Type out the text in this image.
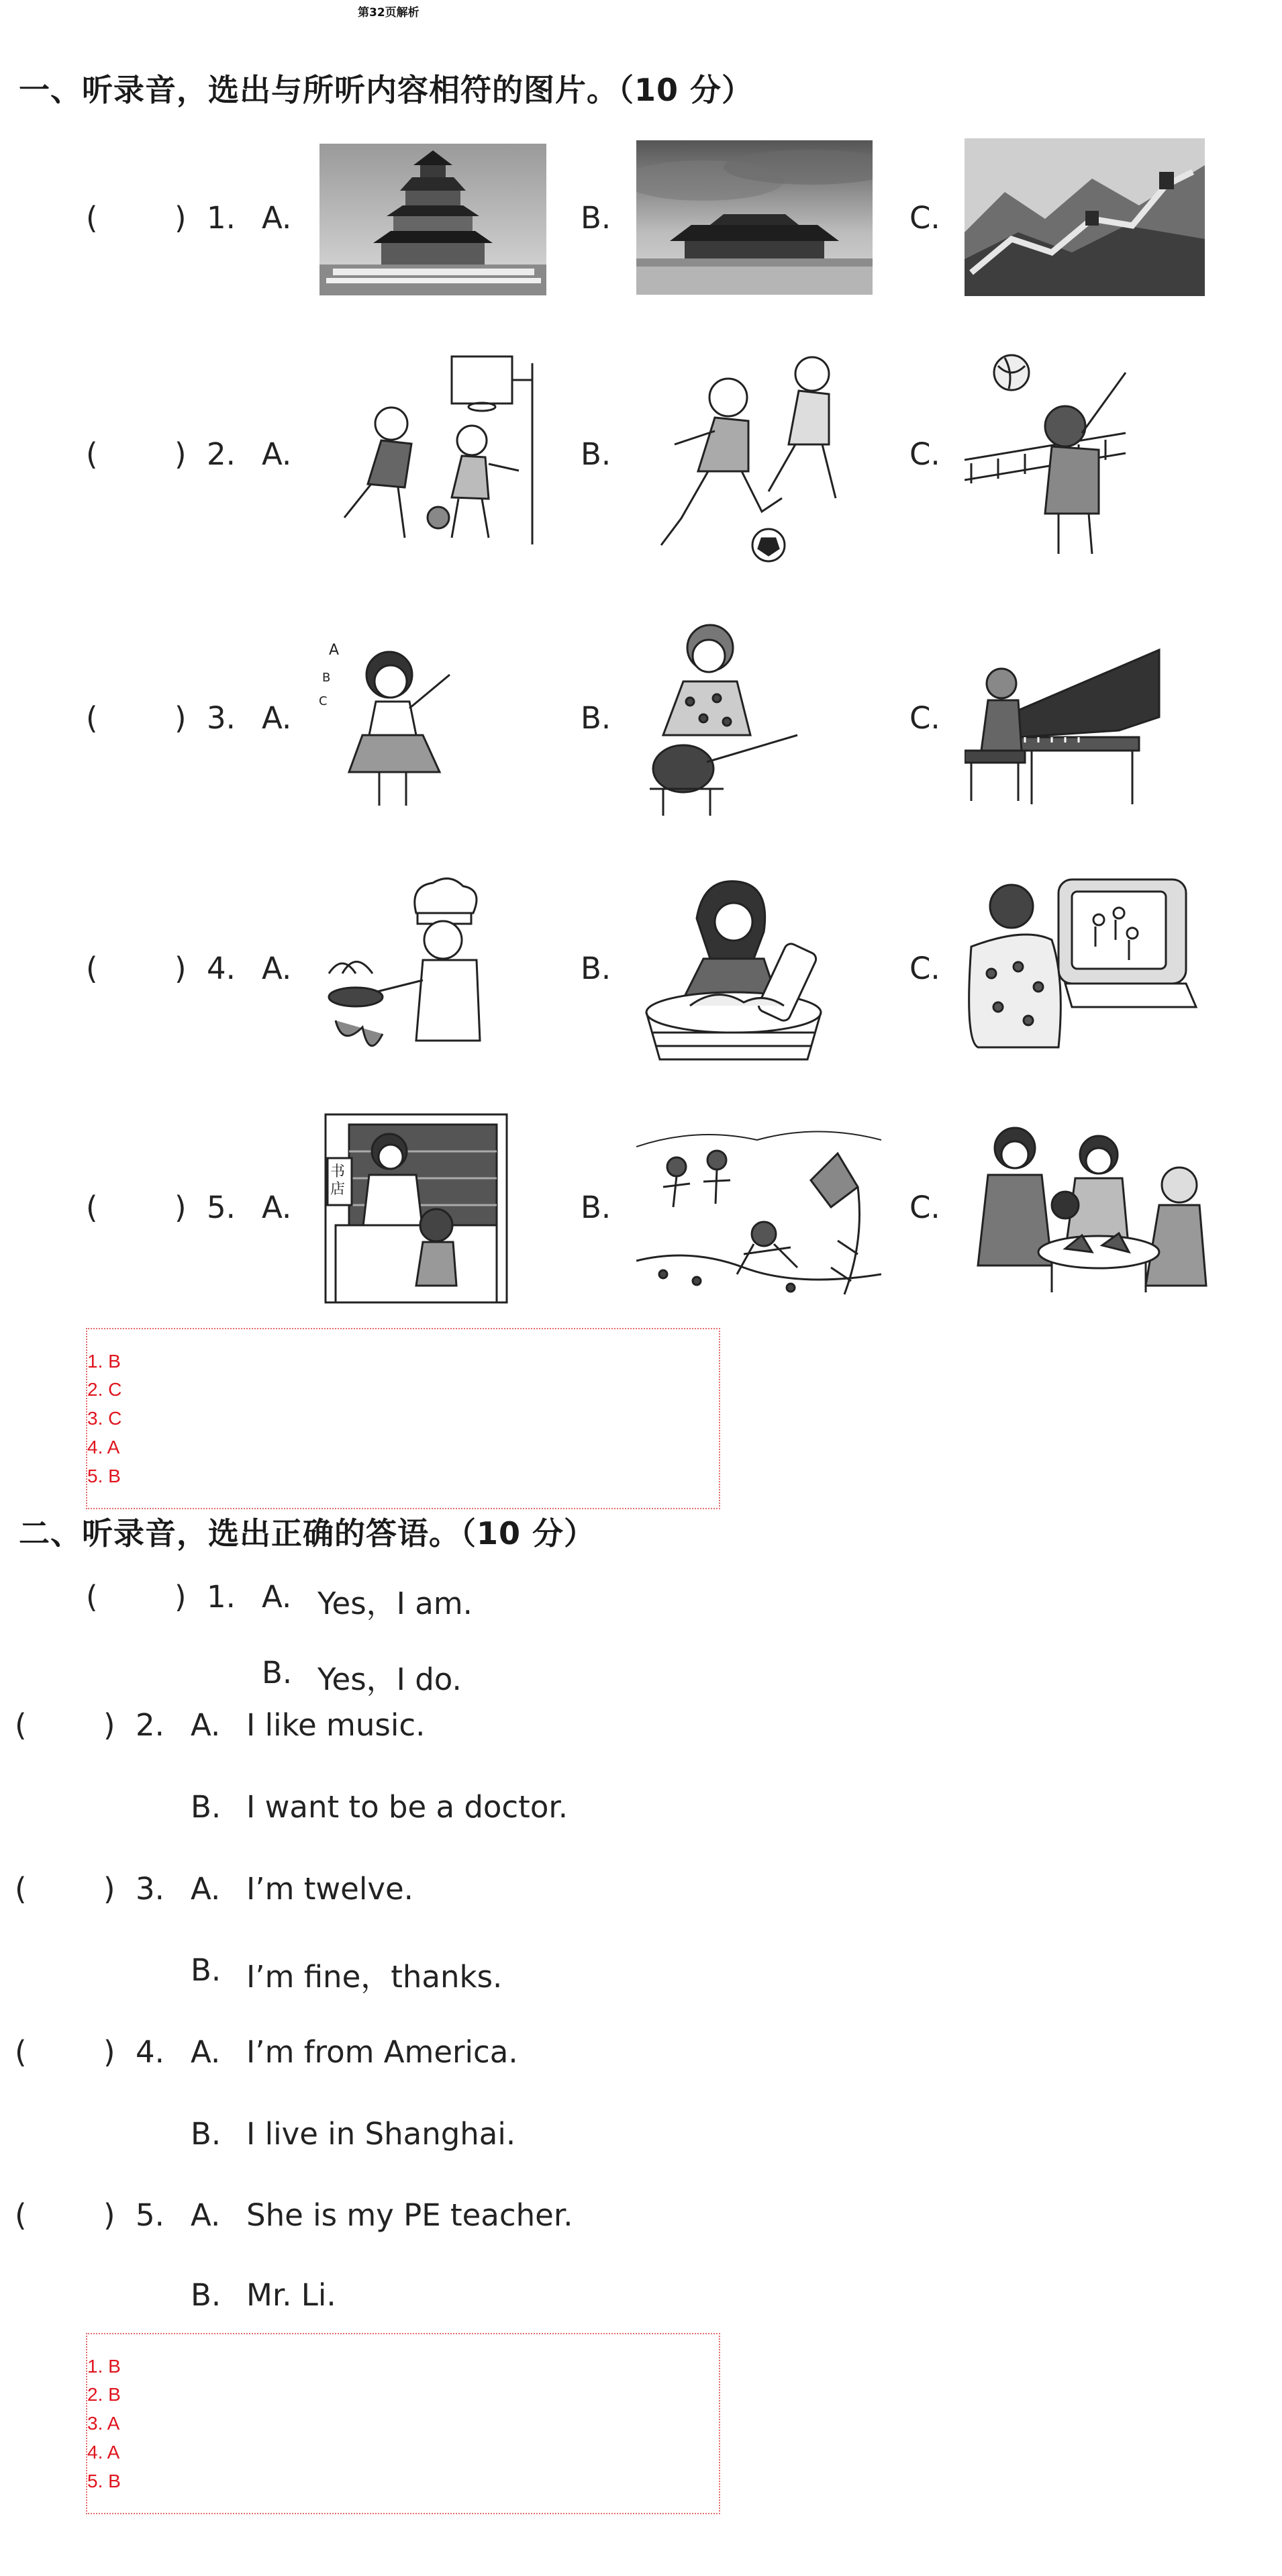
第32页解析
一、听录音，选出与所听内容相符的图片。（10 分）
(        ) 1. A.	B.	C.
(        ) 2. A.	B.	C.
(        ) 3. A.
A
B
C	B.	C.
(        ) 4. A.	B.	C.
(        ) 5. A.
书店
B.	C.
1. B
2. C
3. C
4. A
5. B
二、听录音，选出正确的答语。（10 分）
(        ) 1. A. Yes，I am.
B. Yes，I do.
(        ) 2. A. I like music.
B. I want to be a doctor.
(        ) 3. A. I’m twelve.
B. I’m fine，thanks.
(        ) 4. A. I’m from America.
B. I live in Shanghai.
(        ) 5. A. She is my PE teacher.
B. Mr. Li.
1. B
2. B
3. A
4. A
5. B
